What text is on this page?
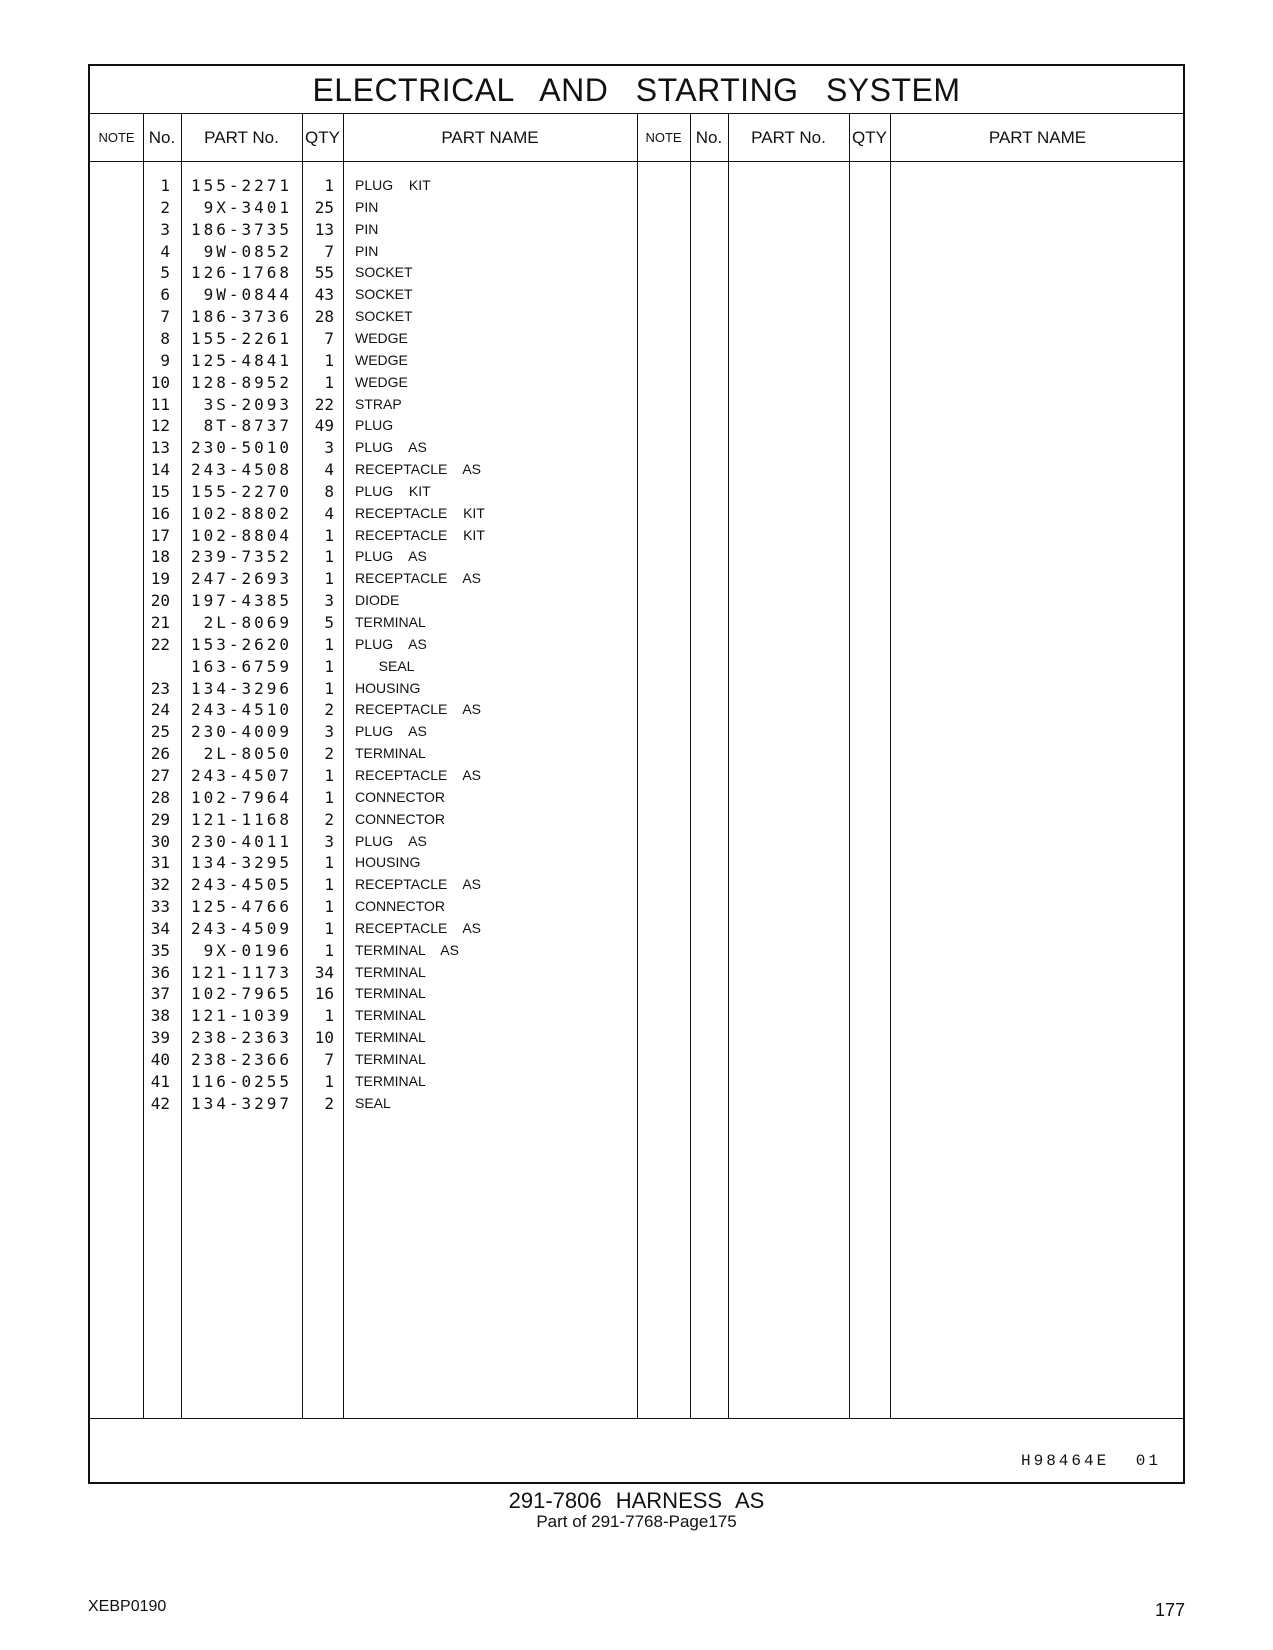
ELECTRICAL AND STARTING SYSTEM
NOTE No.	PART No.	QTY	PART NAME	NOTE No.	PART No.	QTY	PART NAME
1	155-2271	1 PLUG  KIT
2	9X-3401	25 PIN
3	186-3735	13 PIN
4	9W-0852	7 PIN
5	126-1768	55 SOCKET
6	9W-0844	43 SOCKET
7	186-3736	28 SOCKET
8	155-2261	7 WEDGE
9	125-4841	1 WEDGE
10	128-8952	1 WEDGE
11	3S-2093	22 STRAP
12	8T-8737	49 PLUG
13	230-5010	3 PLUG  AS
14	243-4508	4 RECEPTACLE  AS
15	155-2270	8 PLUG  KIT
16	102-8802	4 RECEPTACLE  KIT
17	102-8804	1 RECEPTACLE  KIT
18	239-7352	1 PLUG  AS
19	247-2693	1 RECEPTACLE  AS
20	197-4385	3 DIODE
21	2L-8069	5 TERMINAL
22	153-2620	1 PLUG  AS
163-6759	1 SEAL
23	134-3296	1 HOUSING
24	243-4510	2 RECEPTACLE  AS
25	230-4009	3 PLUG  AS
26	2L-8050	2 TERMINAL
27	243-4507	1 RECEPTACLE  AS
28	102-7964	1 CONNECTOR
29	121-1168	2 CONNECTOR
30	230-4011	3 PLUG  AS
31	134-3295	1 HOUSING
32	243-4505	1 RECEPTACLE  AS
33	125-4766	1 CONNECTOR
34	243-4509	1 RECEPTACLE  AS
35	9X-0196	1 TERMINAL  AS
36	121-1173	34 TERMINAL
37	102-7965	16 TERMINAL
38	121-1039	1 TERMINAL
39	238-2363	10 TERMINAL
40	238-2366	7 TERMINAL
41	116-0255	1 TERMINAL
42	134-3297	2 SEAL
H98464E 01
291-7806 HARNESS AS
Part of 291-7768-Page175
XEBP0190	177
